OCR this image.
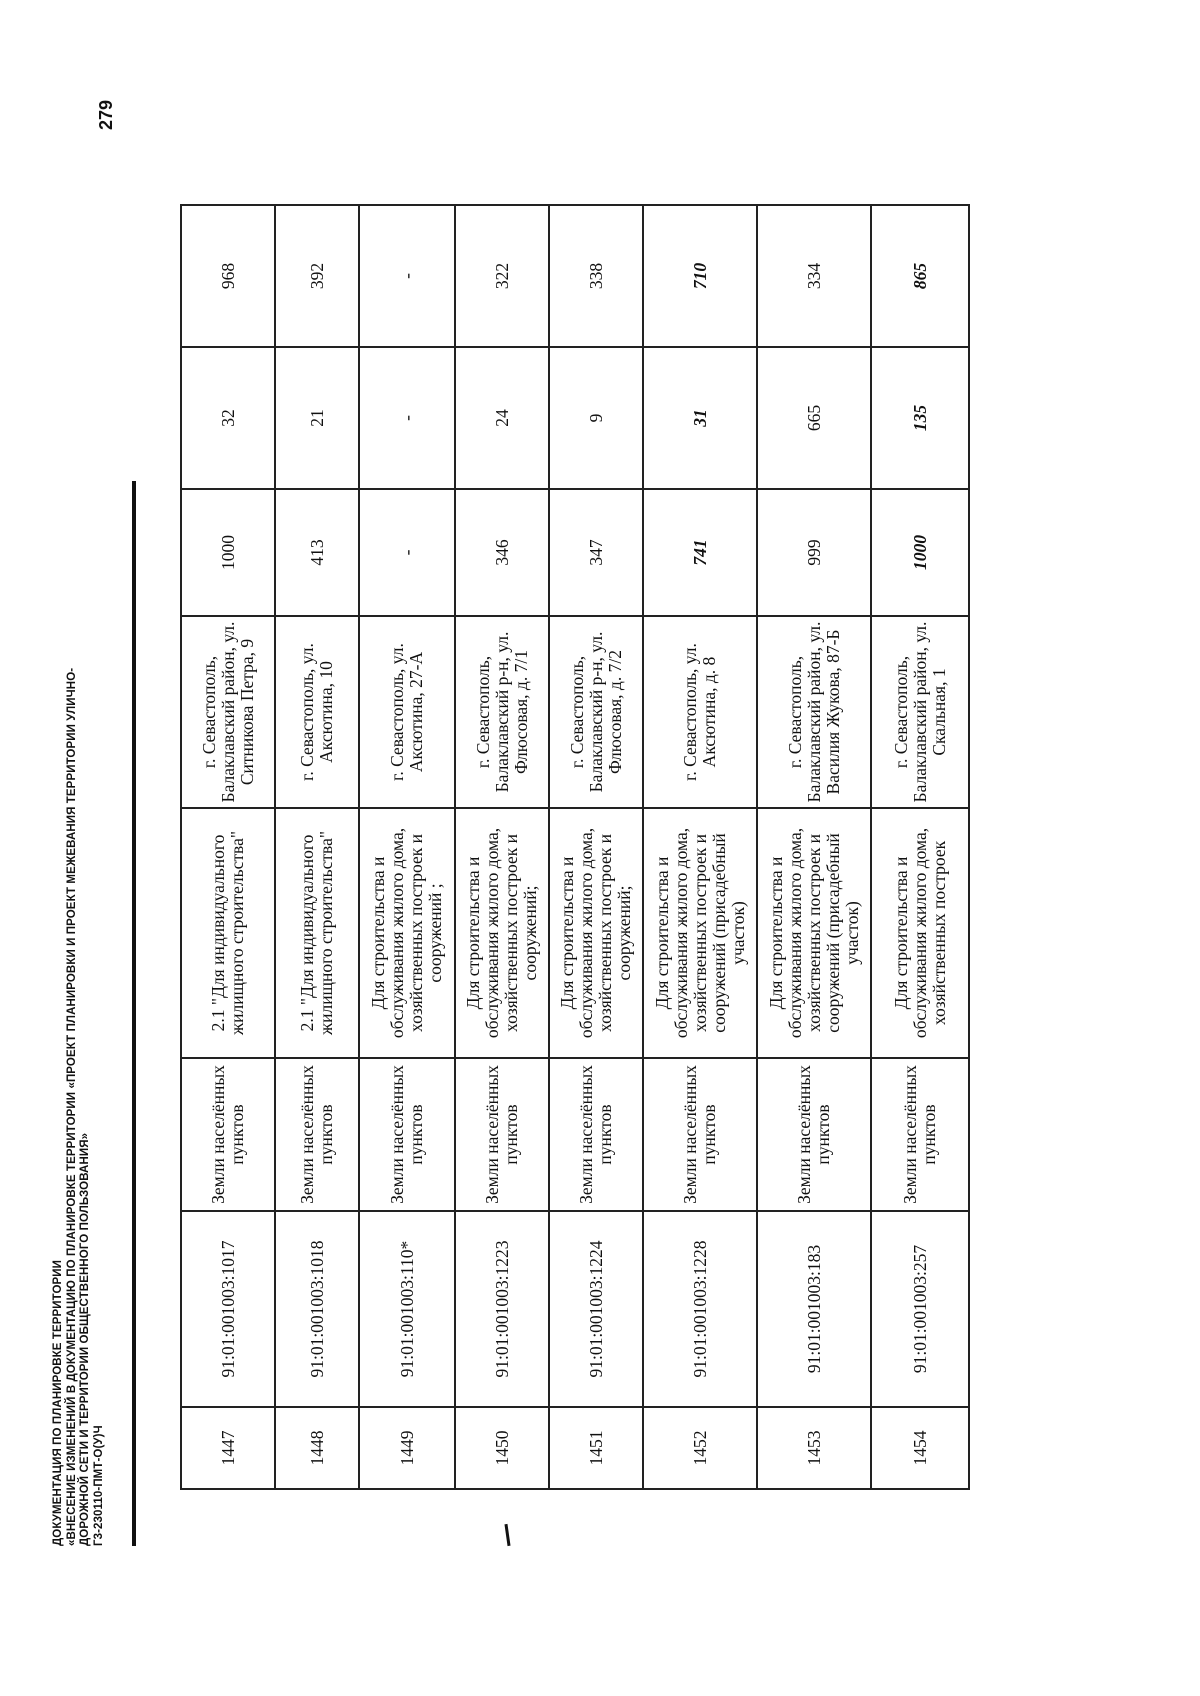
ДОКУМЕНТАЦИЯ ПО ПЛАНИРОВКЕ ТЕРРИТОРИИ «ВНЕСЕНИЕ ИЗМЕНЕНИЙ В ДОКУМЕНТАЦИЮ ПО ПЛАНИРОВКЕ ТЕРРИТОРИИ «ПРОЕКТ ПЛАНИРОВКИ И ПРОЕКТ МЕЖЕВАНИЯ ТЕРРИТОРИИ УЛИЧНО- ДОРОЖНОЙ СЕТИ И ТЕРРИТОРИИ ОБЩЕСТВЕННОГО ПОЛЬЗОВАНИЯ» Г3-230110-ПМТ-О(У)Ч
279
1447	91:01:001003:1017	Земли населённых пунктов	2.1 "Для индивидуального жилищного строительства"	г. Севастополь, Балаклавский район, ул. Ситникова Петра, 9	1000	32	968

1448	91:01:001003:1018	Земли населённых пунктов	2.1 "Для индивидуального жилищного строительства"	г. Севастополь, ул. Аксютина, 10	413	21	392

1449	91:01:001003:110*	Земли населённых пунктов	Для строительства и обслуживания жилого дома, хозяйственных построек и сооружений ;	г. Севастополь, ул. Аксютина, 27-А	-	-	-

1450	91:01:001003:1223	Земли населённых пунктов	Для строительства и обслуживания жилого дома, хозяйственных построек и сооружений;	г. Севастополь, Балаклавский р-н, ул. Флюсовая, д. 7/1	346	24	322

1451	91:01:001003:1224	Земли населённых пунктов	Для строительства и обслуживания жилого дома, хозяйственных построек и сооружений;	г. Севастополь, Балаклавский р-н, ул. Флюсовая, д. 7/2	347	9	338

1452	91:01:001003:1228	Земли населённых пунктов	Для строительства и обслуживания жилого дома, хозяйственных построек и сооружений (присадебный участок)	г. Севастополь, ул. Аксютина, д. 8	741	31	710

1453	91:01:001003:183	Земли населённых пунктов	Для строительства и обслуживания жилого дома, хозяйственных построек и сооружений (присадебный участок)	г. Севастополь, Балаклавский район, ул. Василия Жукова, 87-Б	999	665	334

1454	91:01:001003:257	Земли населённых пунктов	Для строительства и обслуживания жилого дома, хозяйственных построек	г. Севастополь, Балаклавский район, ул. Скальная, 1	1000	135	865
